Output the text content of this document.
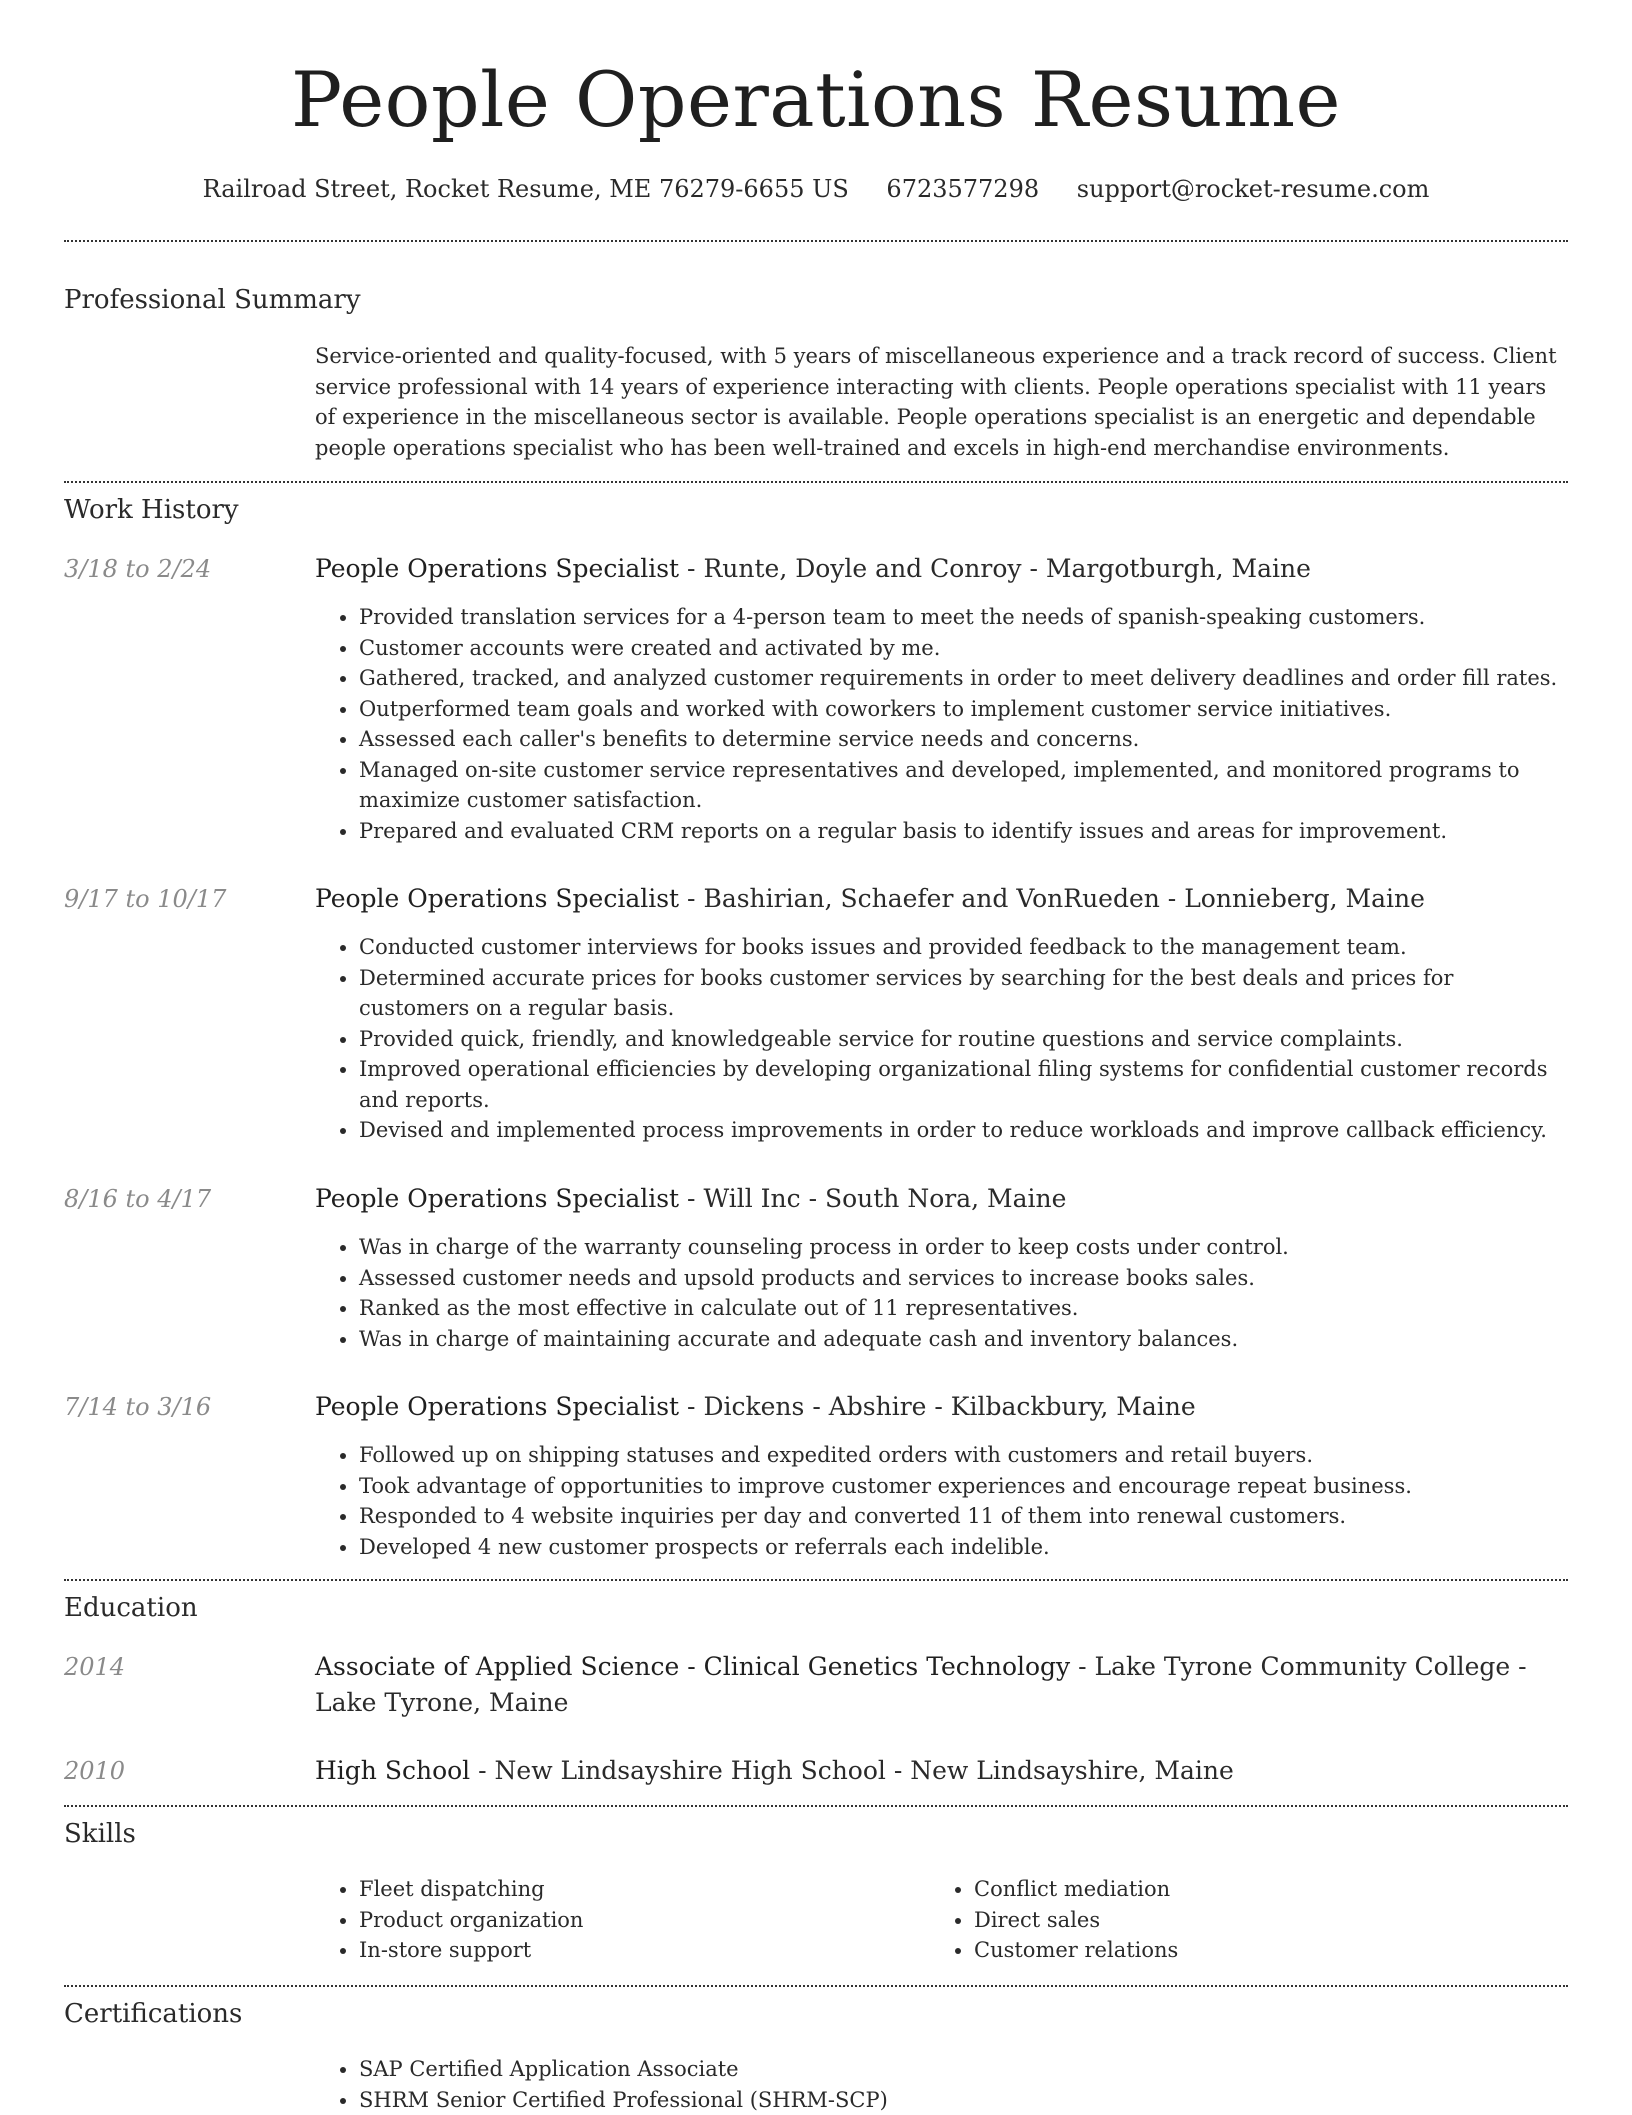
People Operations Resume
Railroad Street, Rocket Resume, ME 76279-6655 US 6723577298 support@rocket-resume.com
Professional Summary
Service-oriented and quality-focused, with 5 years of miscellaneous experience and a track record of success. Client service professional with 14 years of experience interacting with clients. People operations specialist with 11 years of experience in the miscellaneous sector is available. People operations specialist is an energetic and dependable people operations specialist who has been well-trained and excels in high-end merchandise environments.
Work History
3/18 to 2/24	People Operations Specialist - Runte, Doyle and Conroy - Margotburgh, Maine
• Provided translation services for a 4-person team to meet the needs of spanish-speaking customers.
• Customer accounts were created and activated by me.
• Gathered, tracked, and analyzed customer requirements in order to meet delivery deadlines and order fill rates.
• Outperformed team goals and worked with coworkers to implement customer service initiatives.
• Assessed each caller's benefits to determine service needs and concerns.
• Managed on-site customer service representatives and developed, implemented, and monitored programs to maximize customer satisfaction.
• Prepared and evaluated CRM reports on a regular basis to identify issues and areas for improvement.
9/17 to 10/17	People Operations Specialist - Bashirian, Schaefer and VonRueden - Lonnieberg, Maine
• Conducted customer interviews for books issues and provided feedback to the management team.
• Determined accurate prices for books customer services by searching for the best deals and prices for customers on a regular basis.
• Provided quick, friendly, and knowledgeable service for routine questions and service complaints.
• Improved operational efficiencies by developing organizational filing systems for confidential customer records and reports.
• Devised and implemented process improvements in order to reduce workloads and improve callback efficiency.
8/16 to 4/17	People Operations Specialist - Will Inc - South Nora, Maine
• Was in charge of the warranty counseling process in order to keep costs under control.
• Assessed customer needs and upsold products and services to increase books sales.
• Ranked as the most effective in calculate out of 11 representatives.
• Was in charge of maintaining accurate and adequate cash and inventory balances.
7/14 to 3/16	People Operations Specialist - Dickens - Abshire - Kilbackbury, Maine
• Followed up on shipping statuses and expedited orders with customers and retail buyers.
• Took advantage of opportunities to improve customer experiences and encourage repeat business.
• Responded to 4 website inquiries per day and converted 11 of them into renewal customers.
• Developed 4 new customer prospects or referrals each indelible.
Education
2014	Associate of Applied Science - Clinical Genetics Technology - Lake Tyrone Community College - Lake Tyrone, Maine
2010	High School - New Lindsayshire High School - New Lindsayshire, Maine
Skills
• Fleet dispatching
• Product organization
• In-store support
• Conflict mediation
• Direct sales
• Customer relations
Certifications
• SAP Certified Application Associate
• SHRM Senior Certified Professional (SHRM-SCP)
